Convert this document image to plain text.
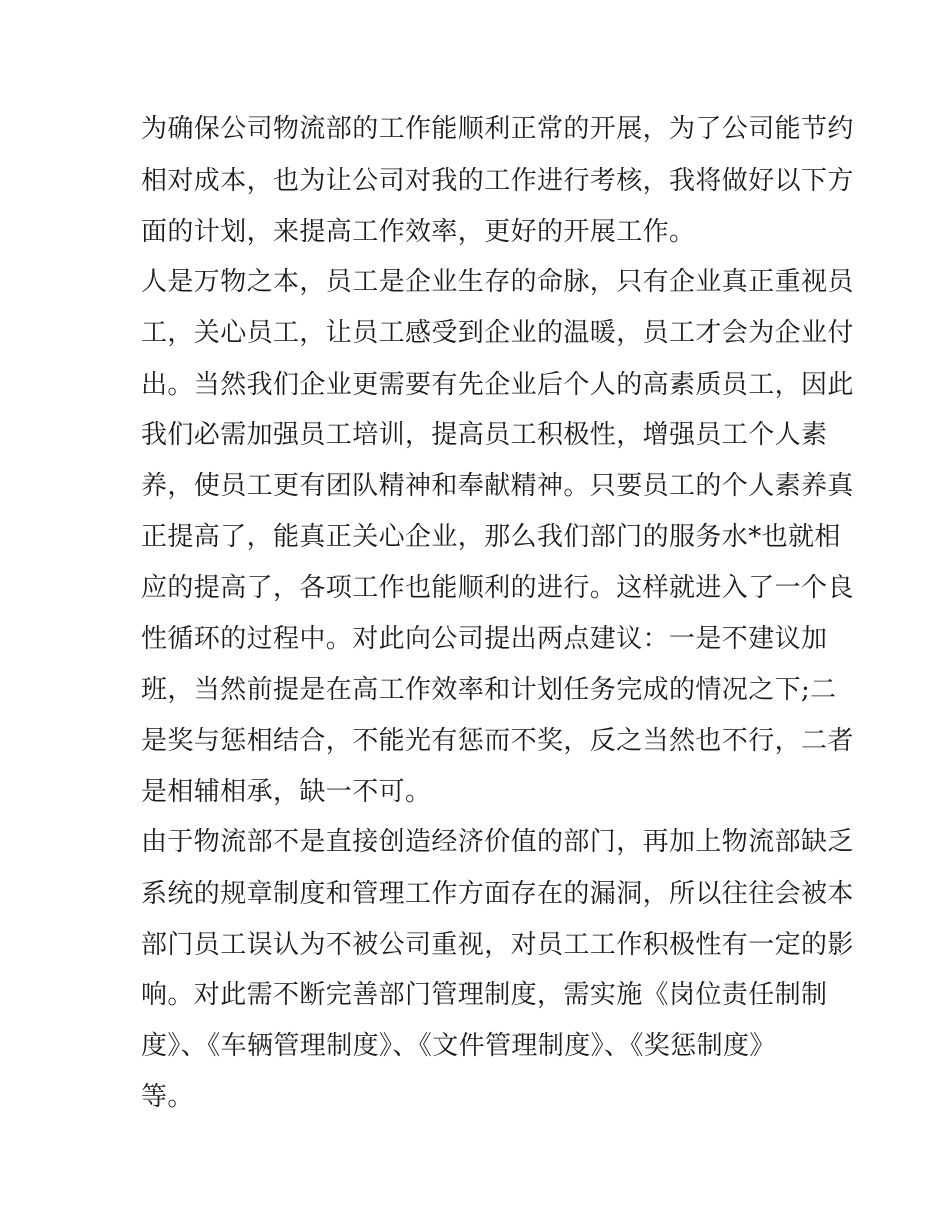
为确保公司物流部的工作能顺利正常的开展，为了公司能节约

相对成本，也为让公司对我的工作进行考核，我将做好以下方

面的计划，来提高工作效率，更好的开展工作。

人是万物之本，员工是企业生存的命脉，只有企业真正重视员

工，关心员工，让员工感受到企业的温暖，员工才会为企业付

出。当然我们企业更需要有先企业后个人的高素质员工，因此

我们必需加强员工培训，提高员工积极性，增强员工个人素

养，使员工更有团队精神和奉献精神。只要员工的个人素养真

正提高了，能真正关心企业，那么我们部门的服务水*也就相

应的提高了，各项工作也能顺利的进行。这样就进入了一个良

性循环的过程中。对此向公司提出两点建议：一是不建议加

班，当然前提是在高工作效率和计划任务完成的情况之下;二

是奖与惩相结合，不能光有惩而不奖，反之当然也不行，二者

是相辅相承，缺一不可。

由于物流部不是直接创造经济价值的部门，再加上物流部缺乏

系统的规章制度和管理工作方面存在的漏洞，所以往往会被本

部门员工误认为不被公司重视，对员工工作积极性有一定的影

响。对此需不断完善部门管理制度，需实施《岗位责任制制

度》、《车辆管理制度》、《文件管理制度》、《奖惩制度》

等。
